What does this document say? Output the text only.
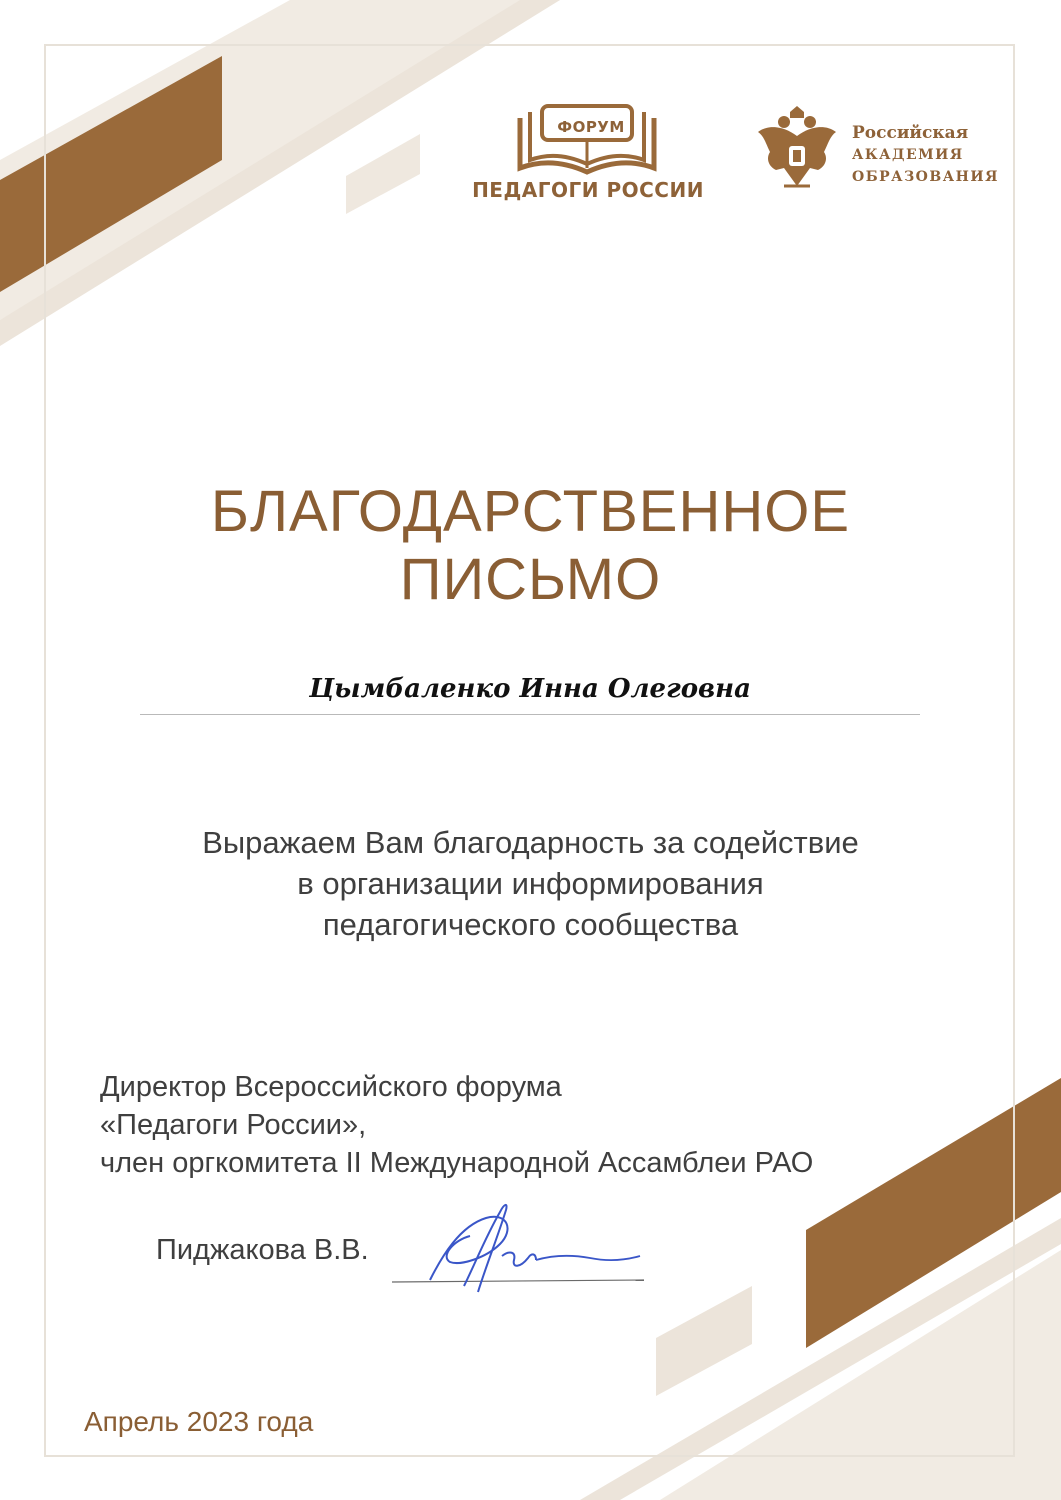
ФОРУМ
ПЕДАГОГИ РОССИИ
Российская
АКАДЕМИЯ
ОБРАЗОВАНИЯ
БЛАГОДАРСТВЕННОЕ
ПИСЬМО
Цымбаленко Инна Олеговна
Выражаем Вам благодарность за содействие
в организации информирования
педагогического сообщества
Директор Всероссийского форума
«Педагоги России»,
член оргкомитета II Международной Ассамблеи РАО
Пиджакова В.В.
Апрель 2023 года
